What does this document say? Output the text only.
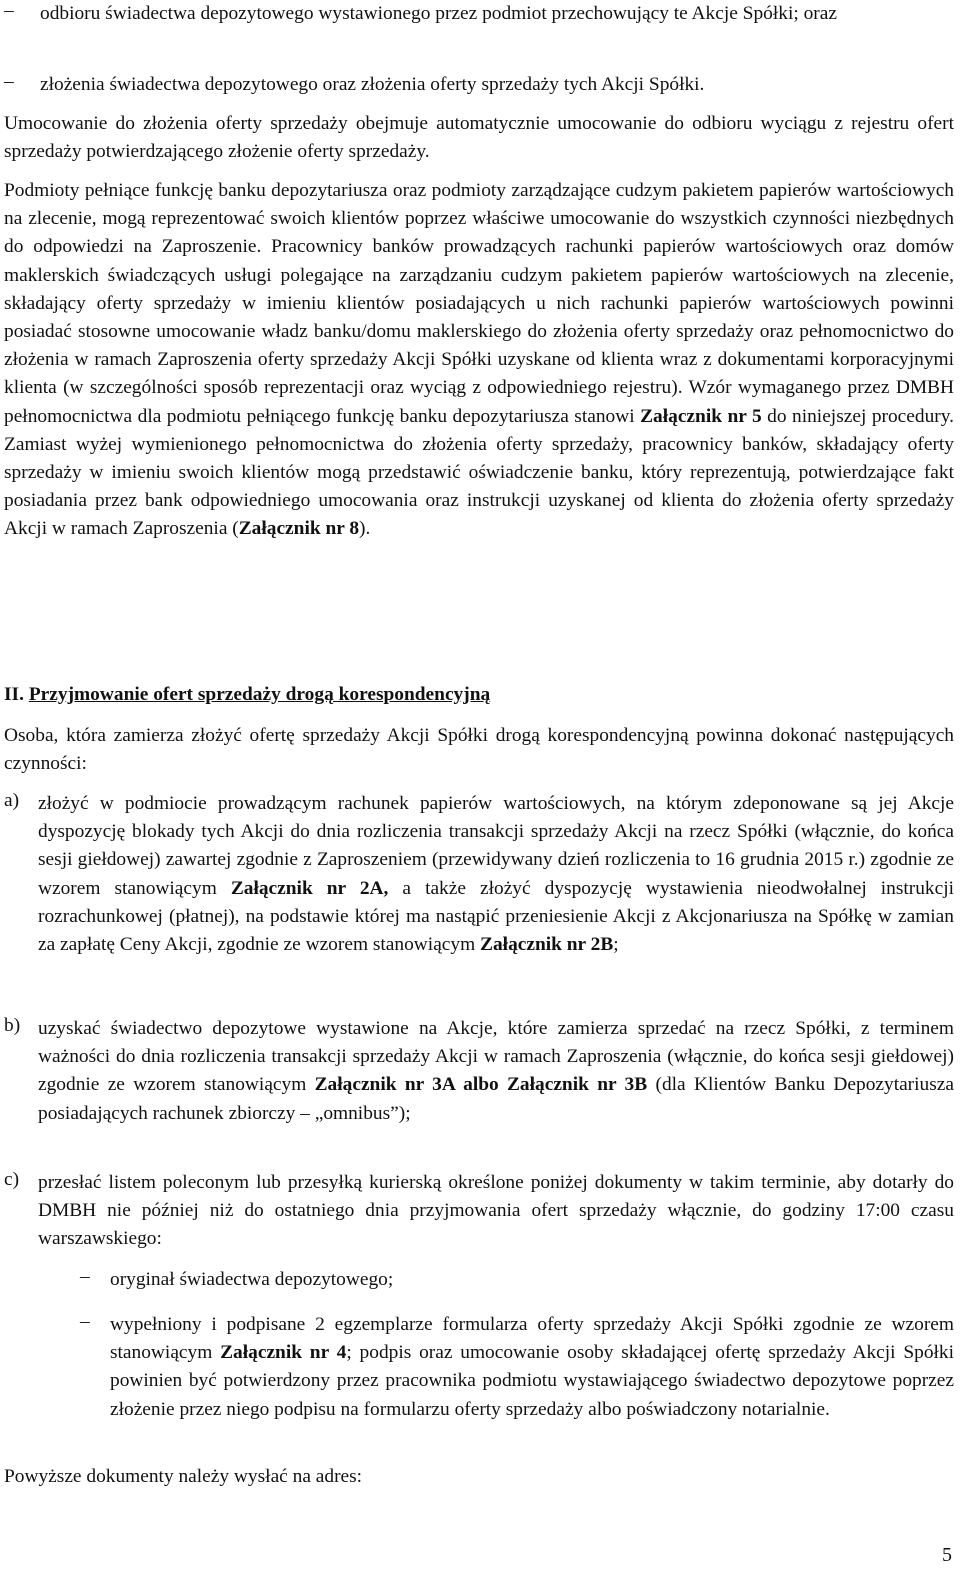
– odbioru świadectwa depozytowego wystawionego przez podmiot przechowujący te Akcje Spółki; oraz
– złożenia świadectwa depozytowego oraz złożenia oferty sprzedaży tych Akcji Spółki.

Umocowanie do złożenia oferty sprzedaży obejmuje automatycznie umocowanie do odbioru wyciągu z rejestru ofert sprzedaży potwierdzającego złożenie oferty sprzedaży.

Podmioty pełniące funkcję banku depozytariusza oraz podmioty zarządzające cudzym pakietem papierów wartościowych na zlecenie, mogą reprezentować swoich klientów poprzez właściwe umocowanie do wszystkich czynności niezbędnych do odpowiedzi na Zaproszenie. Pracownicy banków prowadzących rachunki papierów wartościowych oraz domów maklerskich świadczących usługi polegające na zarządzaniu cudzym pakietem papierów wartościowych na zlecenie, składający oferty sprzedaży w imieniu klientów posiadających u nich rachunki papierów wartościowych powinni posiadać stosowne umocowanie władz banku/domu maklerskiego do złożenia oferty sprzedaży oraz pełnomocnictwo do złożenia w ramach Zaproszenia oferty sprzedaży Akcji Spółki uzyskane od klienta wraz z dokumentami korporacyjnymi klienta (w szczególności sposób reprezentacji oraz wyciąg z odpowiedniego rejestru). Wzór wymaganego przez DMBH pełnomocnictwa dla podmiotu pełniącego funkcję banku depozytariusza stanowi Załącznik nr 5 do niniejszej procedury. Zamiast wyżej wymienionego pełnomocnictwa do złożenia oferty sprzedaży, pracownicy banków, składający oferty sprzedaży w imieniu swoich klientów mogą przedstawić oświadczenie banku, który reprezentują, potwierdzające fakt posiadania przez bank odpowiedniego umocowania oraz instrukcji uzyskanej od klienta do złożenia oferty sprzedaży Akcji w ramach Zaproszenia (Załącznik nr 8).

II. Przyjmowanie ofert sprzedaży drogą korespondencyjną

Osoba, która zamierza złożyć ofertę sprzedaży Akcji Spółki drogą korespondencyjną powinna dokonać następujących czynności:

a) złożyć w podmiocie prowadzącym rachunek papierów wartościowych, na którym zdeponowane są jej Akcje dyspozycję blokady tych Akcji do dnia rozliczenia transakcji sprzedaży Akcji na rzecz Spółki (włącznie, do końca sesji giełdowej) zawartej zgodnie z Zaproszeniem (przewidywany dzień rozliczenia to 16 grudnia 2015 r.) zgodnie ze wzorem stanowiącym Załącznik nr 2A, a także złożyć dyspozycję wystawienia nieodwołalnej instrukcji rozrachunkowej (płatnej), na podstawie której ma nastąpić przeniesienie Akcji z Akcjonariusza na Spółkę w zamian za zapłatę Ceny Akcji, zgodnie ze wzorem stanowiącym Załącznik nr 2B;
b) uzyskać świadectwo depozytowe wystawione na Akcje, które zamierza sprzedać na rzecz Spółki, z terminem ważności do dnia rozliczenia transakcji sprzedaży Akcji w ramach Zaproszenia (włącznie, do końca sesji giełdowej) zgodnie ze wzorem stanowiącym Załącznik nr 3A albo Załącznik nr 3B (dla Klientów Banku Depozytariusza posiadających rachunek zbiorczy – „omnibus”);
c) przesłać listem poleconym lub przesyłką kurierską określone poniżej dokumenty w takim terminie, aby dotarły do DMBH nie później niż do ostatniego dnia przyjmowania ofert sprzedaży włącznie, do godziny 17:00 czasu warszawskiego:
– oryginał świadectwa depozytowego;
– wypełniony i podpisane 2 egzemplarze formularza oferty sprzedaży Akcji Spółki zgodnie ze wzorem stanowiącym Załącznik nr 4; podpis oraz umocowanie osoby składającej ofertę sprzedaży Akcji Spółki powinien być potwierdzony przez pracownika podmiotu wystawiającego świadectwo depozytowe poprzez złożenie przez niego podpisu na formularzu oferty sprzedaży albo poświadczony notarialnie.

Powyższe dokumenty należy wysłać na adres:

5
